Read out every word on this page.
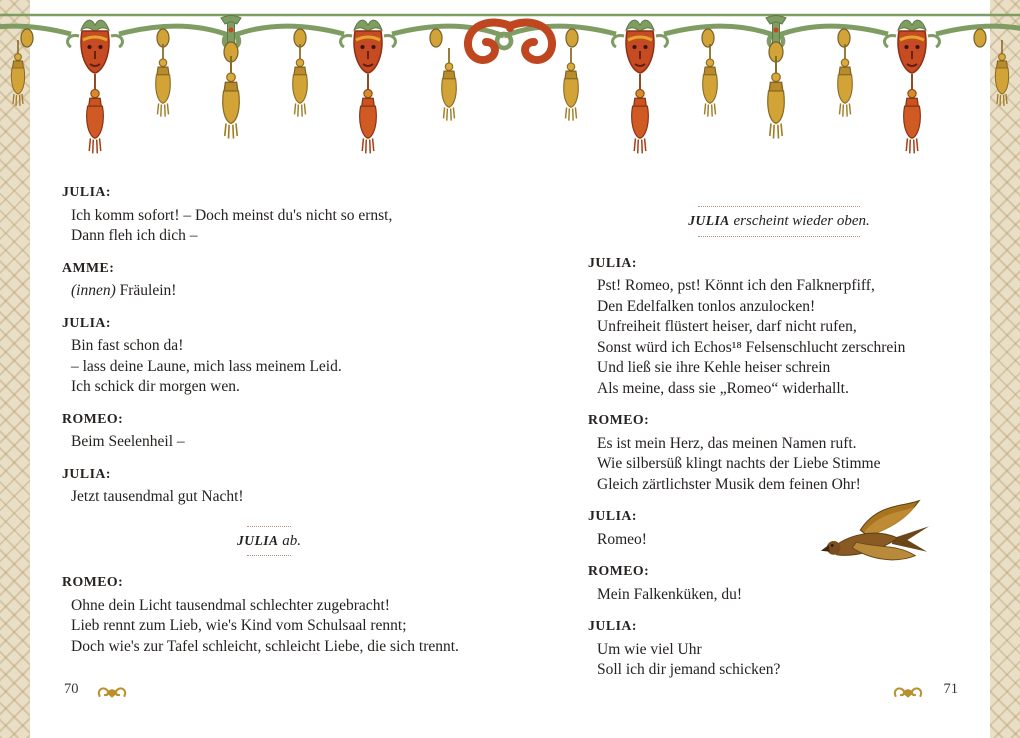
JULIA:
Ich komm sofort! – Doch meinst du's nicht so ernst,
Dann fleh ich dich –
AMME:
(innen) Fräulein!
JULIA:
Bin fast schon da!
– lass deine Laune, mich lass meinem Leid.
Ich schick dir morgen wen.
ROMEO:
Beim Seelenheil –
JULIA:
Jetzt tausendmal gut Nacht!
JULIA ab.
ROMEO:
Ohne dein Licht tausendmal schlechter zugebracht!
Lieb rennt zum Lieb, wie's Kind vom Schulsaal rennt;
Doch wie's zur Tafel schleicht, schleicht Liebe, die sich trennt.
JULIA erscheint wieder oben.
JULIA:
Pst! Romeo, pst! Könnt ich den Falknerpfiff,
Den Edelfalken tonlos anzulocken!
Unfreiheit flüstert heiser, darf nicht rufen,
Sonst würd ich Echos¹⁸ Felsenschlucht zerschrein
Und ließ sie ihre Kehle heiser schrein
Als meine, dass sie „Romeo“ widerhallt.
ROMEO:
Es ist mein Herz, das meinen Namen ruft.
Wie silbersüß klingt nachts der Liebe Stimme
Gleich zärtlichster Musik dem feinen Ohr!
JULIA:
Romeo!
ROMEO:
Mein Falkenküken, du!
JULIA:
Um wie viel Uhr
Soll ich dir jemand schicken?
70	71
